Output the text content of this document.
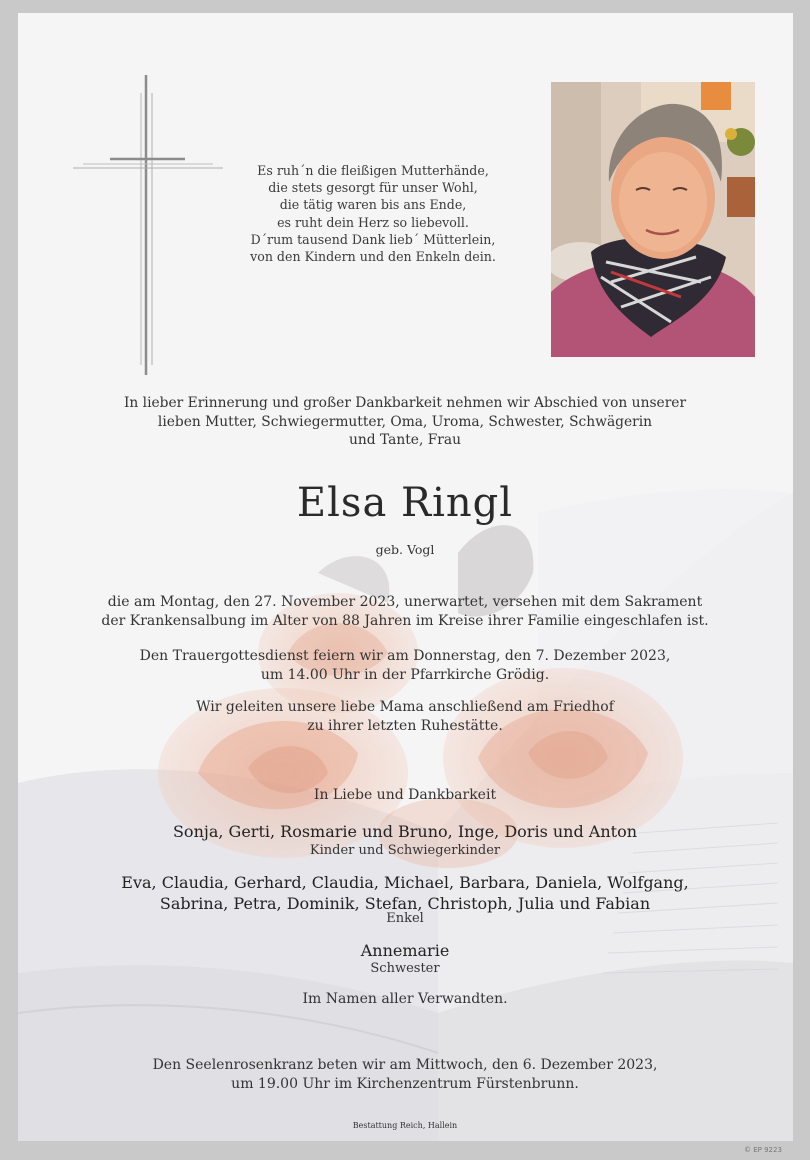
Es ruh´n die fleißigen Mutterhände,
die stets gesorgt für unser Wohl,
die tätig waren bis ans Ende,
es ruht dein Herz so liebevoll.
D´rum tausend Dank lieb´ Mütterlein,
von den Kindern und den Enkeln dein.
In lieber Erinnerung und großer Dankbarkeit nehmen wir Abschied von unserer
lieben Mutter, Schwiegermutter, Oma, Uroma, Schwester, Schwägerin
und Tante, Frau
Elsa Ringl
geb. Vogl
die am Montag, den 27. November 2023, unerwartet, versehen mit dem Sakrament
der Krankensalbung im Alter von 88 Jahren im Kreise ihrer Familie eingeschlafen ist.
Den Trauergottesdienst feiern wir am Donnerstag, den 7. Dezember 2023,
um 14.00 Uhr in der Pfarrkirche Grödig.
Wir geleiten unsere liebe Mama anschließend am Friedhof
zu ihrer letzten Ruhestätte.
In Liebe und Dankbarkeit
Sonja, Gerti, Rosmarie und Bruno, Inge, Doris und Anton
Kinder und Schwiegerkinder
Eva, Claudia, Gerhard, Claudia, Michael, Barbara, Daniela, Wolfgang,
Sabrina, Petra, Dominik, Stefan, Christoph, Julia und Fabian
Enkel
Annemarie
Schwester
Im Namen aller Verwandten.
Den Seelenrosenkranz beten wir am Mittwoch, den 6. Dezember 2023,
um 19.00 Uhr im Kirchenzentrum Fürstenbrunn.
Bestattung Reich, Hallein
© EP 9223
